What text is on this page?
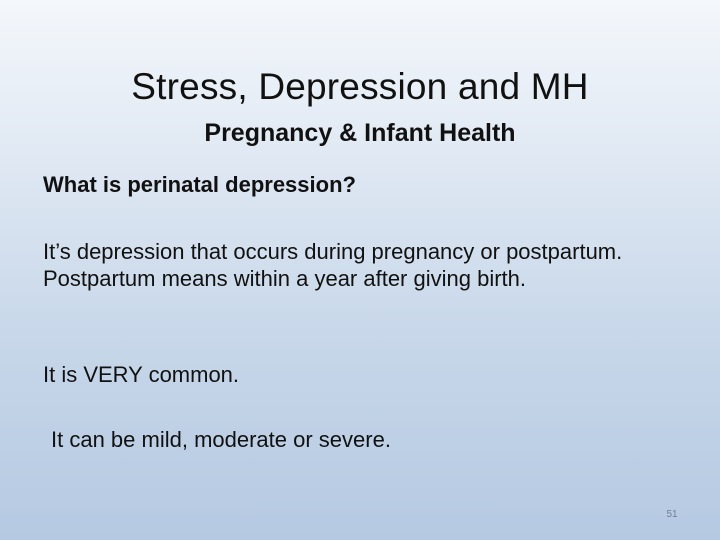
Stress, Depression and MH
Pregnancy & Infant Health
What is perinatal depression?

It’s depression that occurs during pregnancy or postpartum. Postpartum means within a year after giving birth.

It is VERY common.

It can be mild, moderate or severe.

51
